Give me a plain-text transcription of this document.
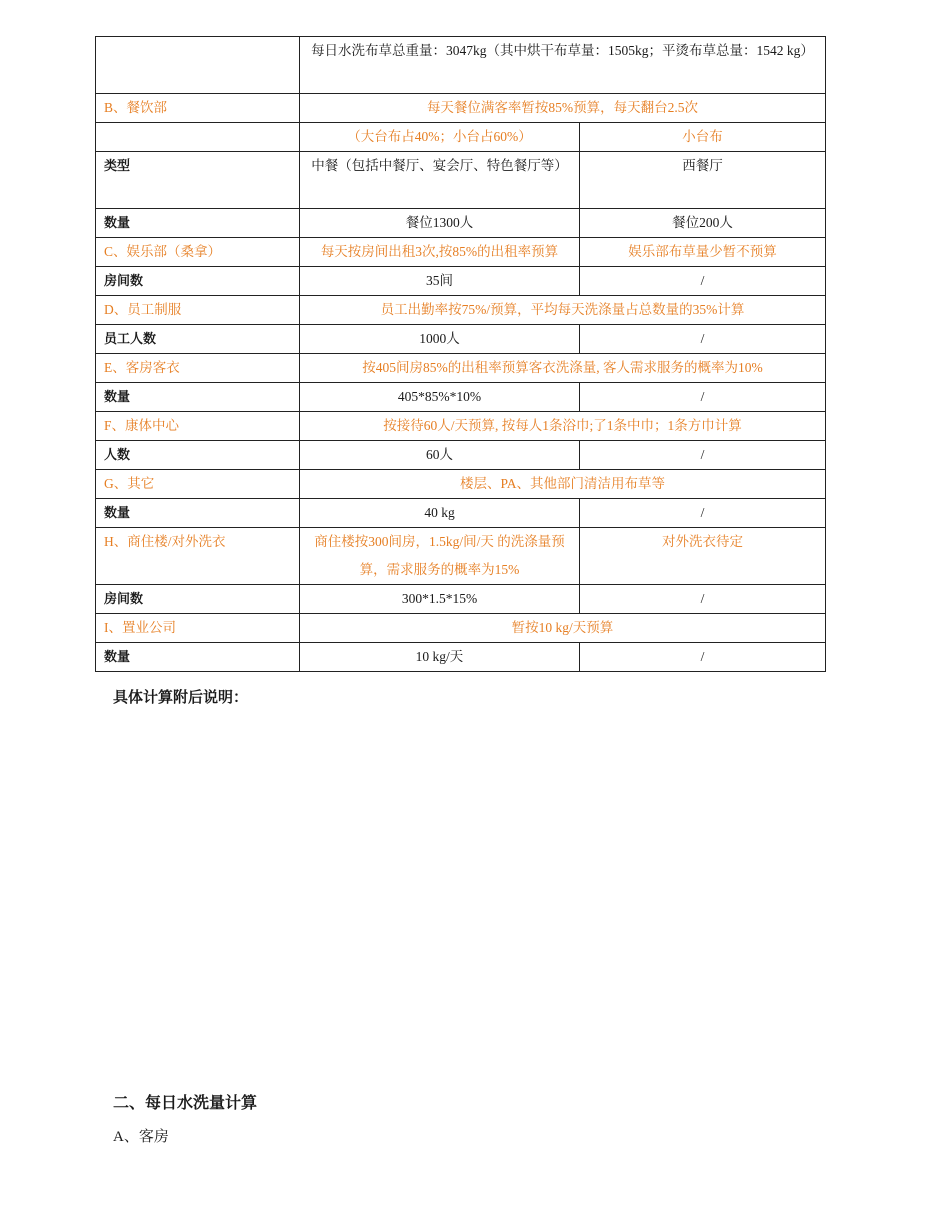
	每日水洗布草总重量：3047kg（其中烘干布草量：1505kg；平烫布草总量：1542 kg）	
B、餐饮部	每天餐位满客率暂按85%预算，每天翻台2.5次	
	（大台布占40%；小台占60%）	小台布
类型	中餐（包括中餐厅、宴会厅、特色餐厅等）	西餐厅
数量	餐位1300人	餐位200人
C、娱乐部（桑拿）	每天按房间出租3次,按85%的出租率预算	娱乐部布草量少暂不预算
房间数	35间	/
D、员工制服	员工出勤率按75%/预算，平均每天洗涤量占总数量的35%计算	
员工人数	1000人	/
E、客房客衣	按405间房85%的出租率预算客衣洗涤量, 客人需求服务的概率为10%	
数量	405*85%*10%	/
F、康体中心	按接待60人/天预算, 按每人1条浴巾;了1条中巾；1条方巾计算	
人数	60人	/
G、其它	楼层、PA、其他部门清洁用布草等	
数量	40 kg	/
H、商住楼/对外洗衣	商住楼按300间房，1.5kg/间/天 的洗涤量预算，需求服务的概率为15%	对外洗衣待定
房间数	300*1.5*15%	/
I、置业公司	暂按10 kg/天预算	
数量	10 kg/天	/
具体计算附后说明：
二、每日水洗量计算
A、客房
